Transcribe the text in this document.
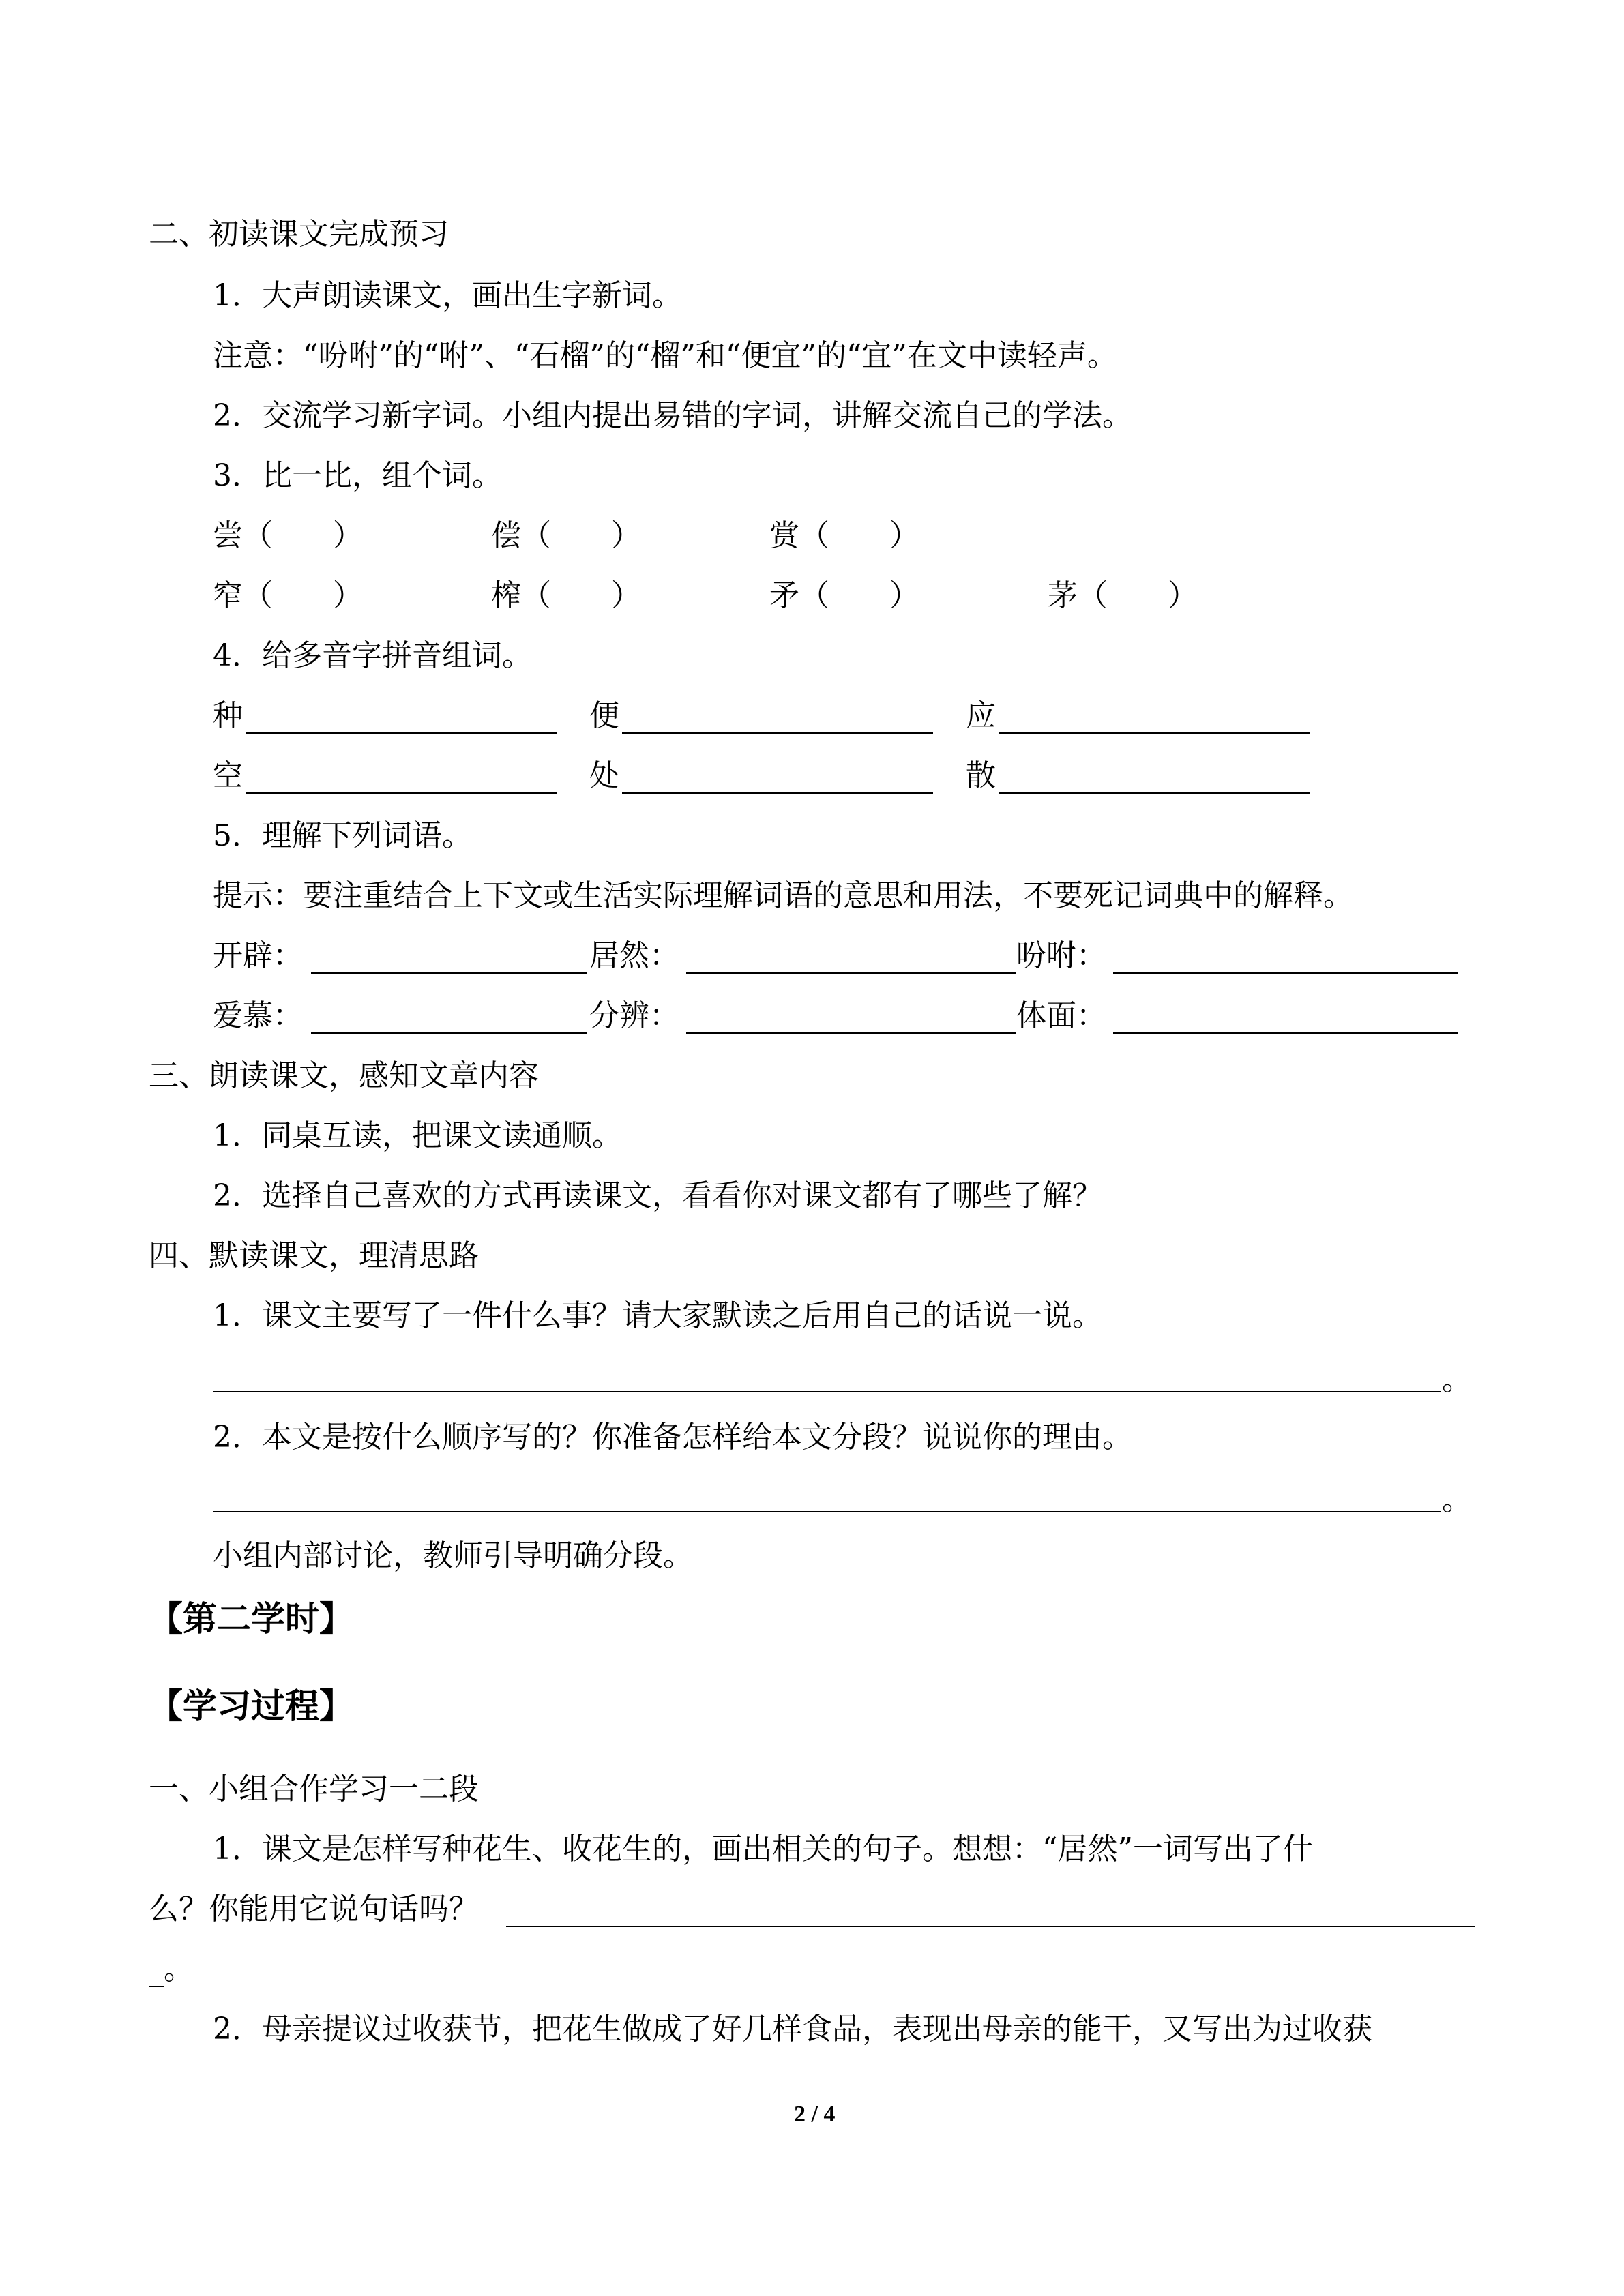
二、初读课文完成预习
1．大声朗读课文，画出生字新词。
注意：“吩咐”的“咐”、“石榴”的“榴”和“便宜”的“宜”在文中读轻声。
2．交流学习新字词。小组内提出易错的字词，讲解交流自己的学法。
3．比一比，组个词。
尝（　　）	偿（　　）	赏（　　）
窄（　　）	榨（　　）	矛（　　）	茅（　　）
4．给多音字拼音组词。
种	便	应
空	处	散
5．理解下列词语。
提示：要注重结合上下文或生活实际理解词语的意思和用法，不要死记词典中的解释。
开辟：	居然：	吩咐：
爱慕：	分辨：	体面：
三、朗读课文，感知文章内容
1．同桌互读，把课文读通顺。
2．选择自己喜欢的方式再读课文，看看你对课文都有了哪些了解？
四、默读课文，理清思路
1．课文主要写了一件什么事？请大家默读之后用自己的话说一说。
。
2．本文是按什么顺序写的？你准备怎样给本文分段？说说你的理由。
。
小组内部讨论，教师引导明确分段。
【第二学时】
【学习过程】
一、小组合作学习一二段
1．课文是怎样写种花生、收花生的，画出相关的句子。想想：“居然”一词写出了什
么？你能用它说句话吗？
。
2．母亲提议过收获节，把花生做成了好几样食品，表现出母亲的能干，又写出为过收获
2 / 4
